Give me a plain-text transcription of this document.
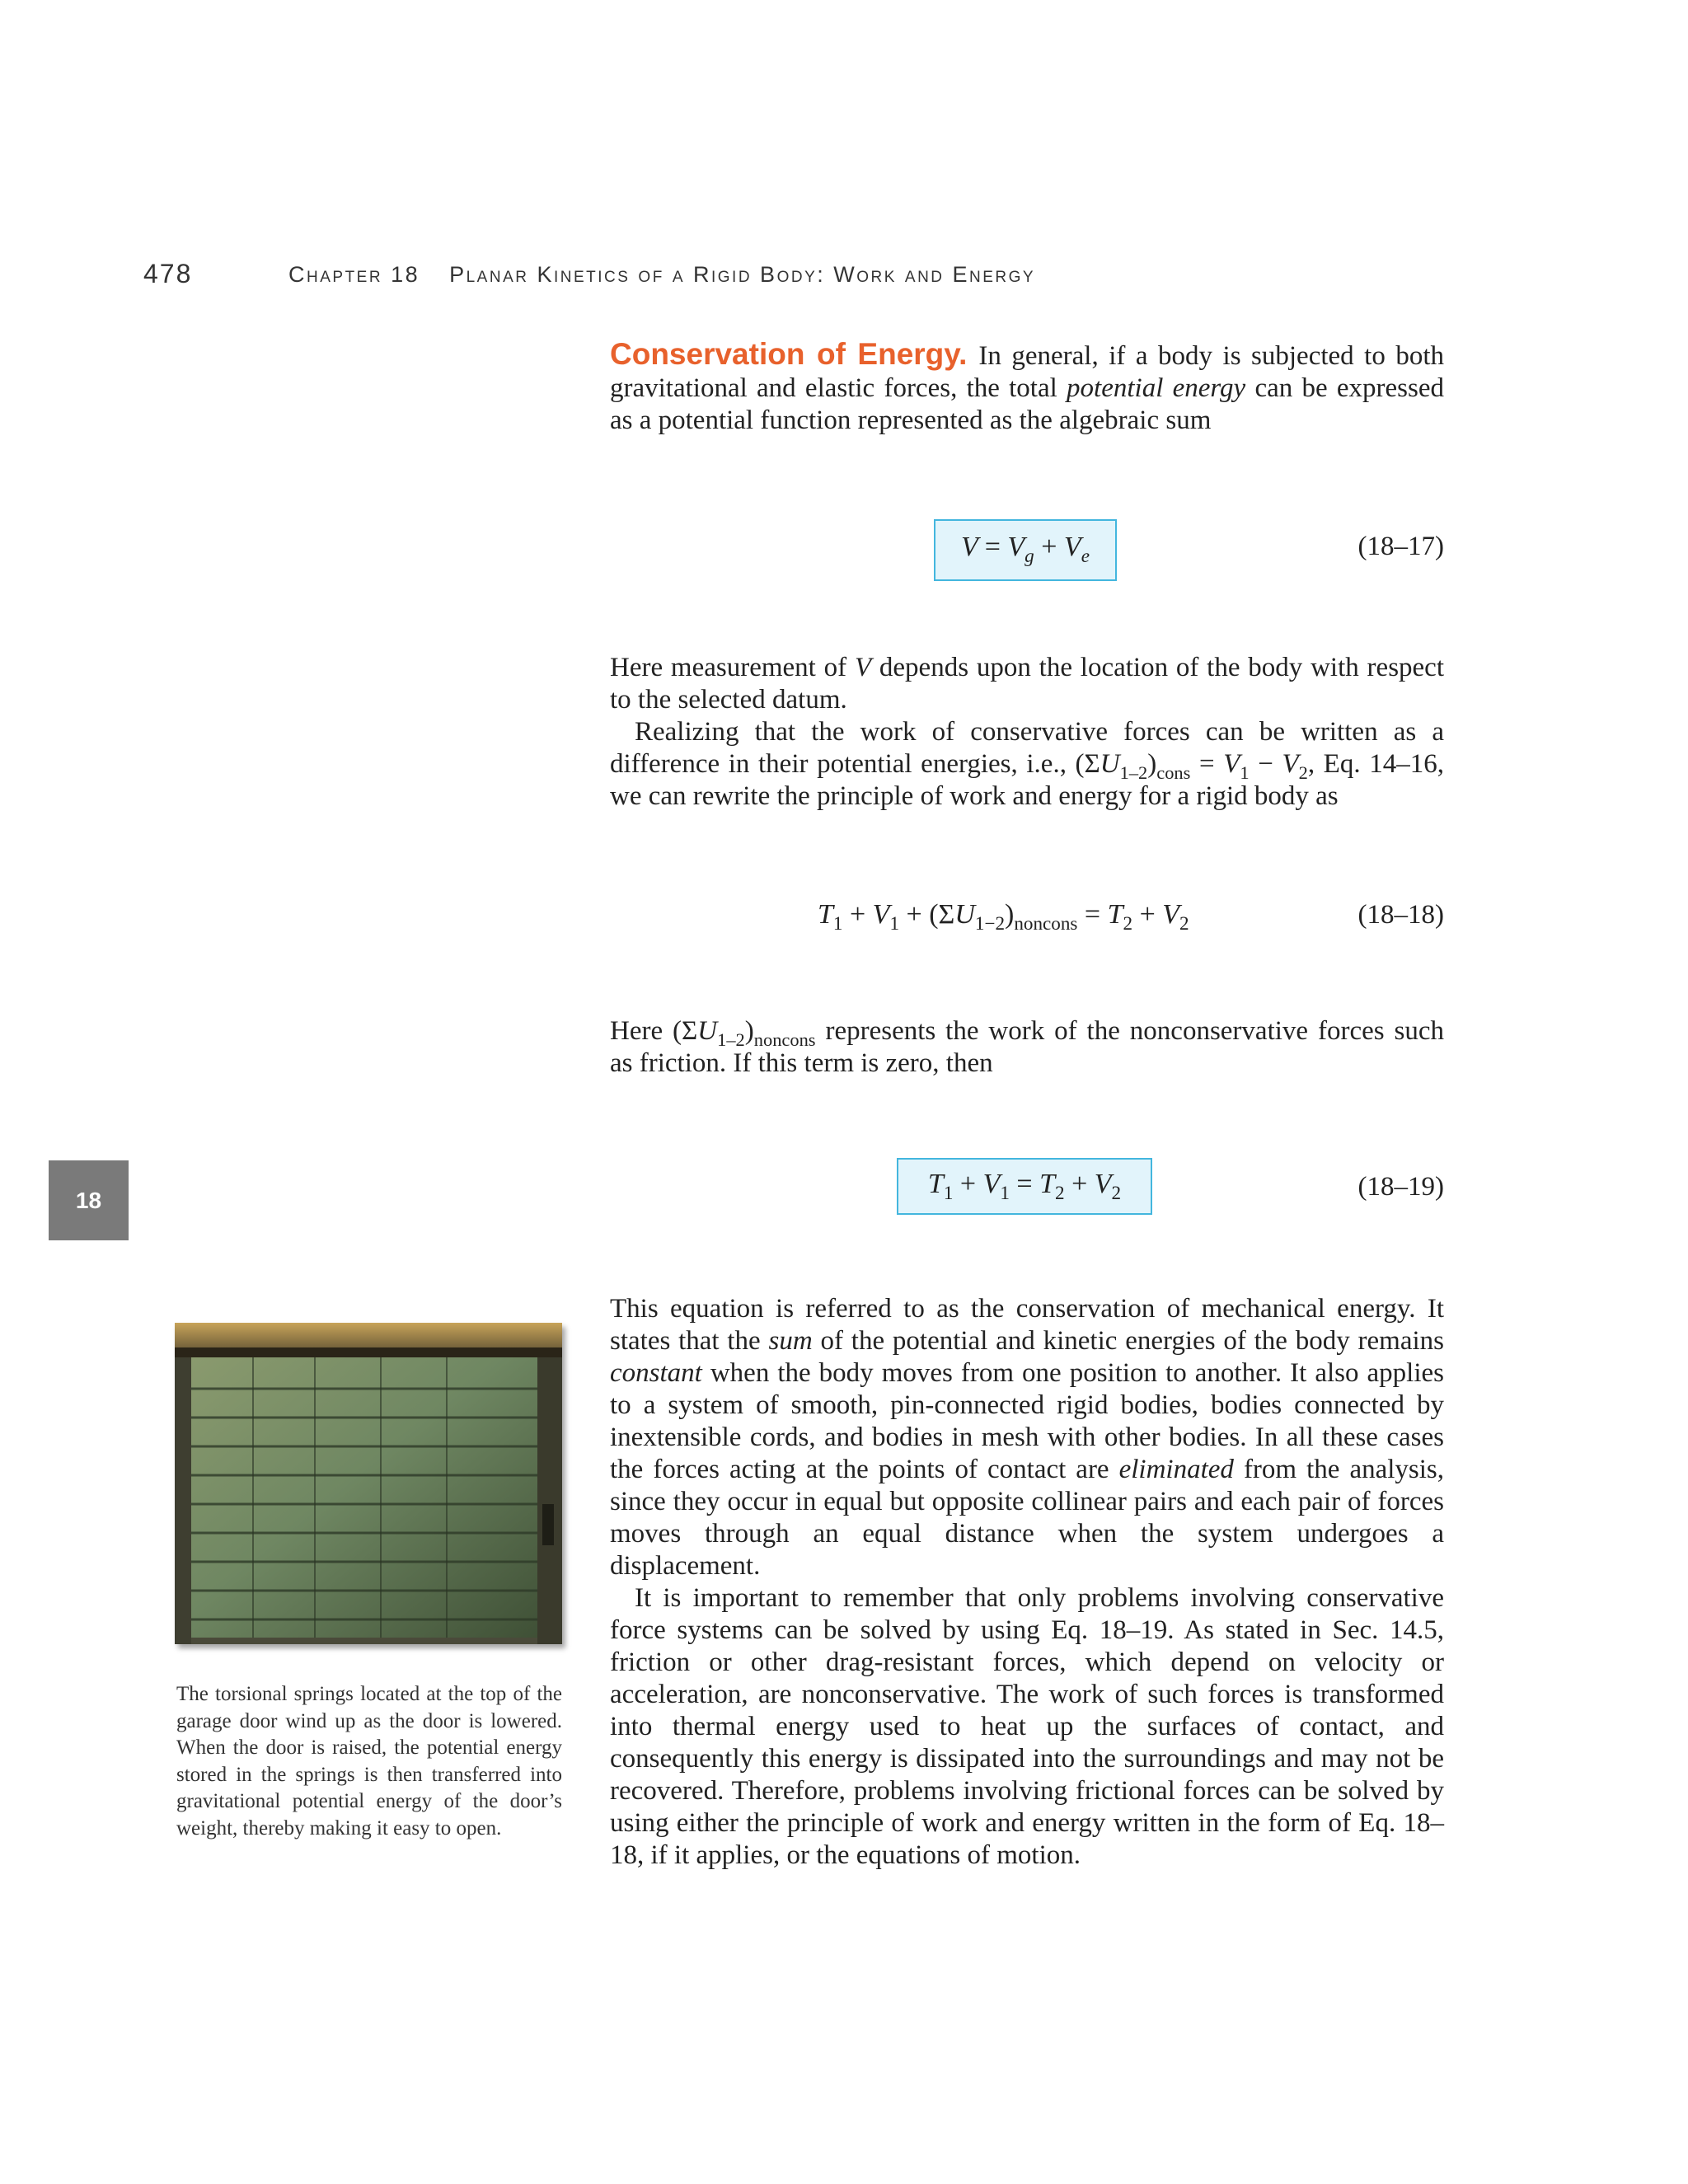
478	Chapter 18 Planar Kinetics of a Rigid Body: Work and Energy

Conservation of Energy. In general, if a body is subjected to both gravitational and elastic forces, the total potential energy can be expressed as a potential function represented as the algebraic sum

$V = V_g + V_e$	(18–17)

Here measurement of V depends upon the location of the body with respect to the selected datum.

Realizing that the work of conservative forces can be written as a difference in their potential energies, i.e., $(\Sigma U_{1-2})_{cons} = V_1 - V_2$, Eq. 14–16, we can rewrite the principle of work and energy for a rigid body as

$T_1 + V_1 + (\Sigma U_{1-2})_{noncons} = T_2 + V_2$	(18–18)

Here $(\Sigma U_{1-2})_{noncons}$ represents the work of the nonconservative forces such as friction. If this term is zero, then

18
$T_1 + V_1 = T_2 + V_2$	(18–19)

This equation is referred to as the conservation of mechanical energy. It states that the sum of the potential and kinetic energies of the body remains constant when the body moves from one position to another. It also applies to a system of smooth, pin-connected rigid bodies, bodies connected by inextensible cords, and bodies in mesh with other bodies. In all these cases the forces acting at the points of contact are eliminated from the analysis, since they occur in equal but opposite collinear pairs and each pair of forces moves through an equal distance when the system undergoes a displacement.

It is important to remember that only problems involving conservative force systems can be solved by using Eq. 18–19. As stated in Sec. 14.5, friction or other drag-resistant forces, which depend on velocity or acceleration, are nonconservative. The work of such forces is transformed into thermal energy used to heat up the surfaces of contact, and consequently this energy is dissipated into the surroundings and may not be recovered. Therefore, problems involving frictional forces can be solved by using either the principle of work and energy written in the form of Eq. 18–18, if it applies, or the equations of motion.

The torsional springs located at the top of the garage door wind up as the door is lowered. When the door is raised, the potential energy stored in the springs is then transferred into gravitational potential energy of the door’s weight, thereby making it easy to open.
